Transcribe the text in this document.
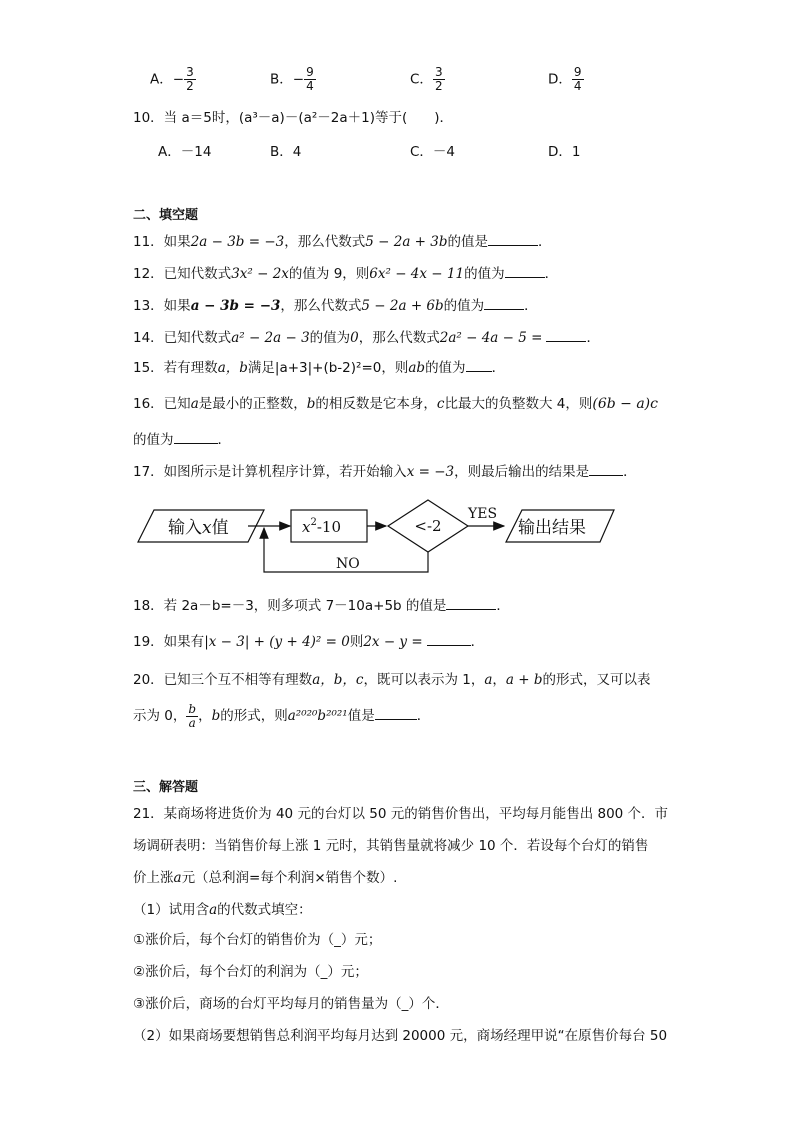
A．− $\frac{3}{2}$	B．− $\frac{9}{4}$	C． $\frac{3}{2}$	D． $\frac{9}{4}$
10．当 a＝5时，(a³－a)－(a²－2a＋1)等于(　　)．
A．－14	B．4	C．－4	D．1
二、填空题
11．如果2a − 3b = −3，那么代数式5 − 2a + 3b的值是	．
12．已知代数式3x² − 2x的值为 9，则6x² − 4x − 11的值为	．
13．如果a − 3b = −3，那么代数式5 − 2a + 6b的值为	．
14．已知代数式a² − 2a − 3的值为0，那么代数式2a² − 4a − 5 =	．
15．若有理数a，b满足|a+3|+(b-2)²=0，则ab的值为 ．
16．已知a是最小的正整数，b的相反数是它本身，c比最大的负整数大 4，则(6b − a)c
的值为	．
17．如图所示是计算机程序计算，若开始输入x = −3，则最后输出的结果是	．
输入x值	$x^2-10$	<-2
YES
输出结果
NO
18．若 2a－b=－3，则多项式 7－10a+5b 的值是	．
19．如果有|x − 3| + (y + 4)² = 0则2x − y =	．
20．已知三个互不相等有理数a，b，c，既可以表示为 1，a，a + b的形式，又可以表
示为 0， $\frac{b}{a}$ ，b的形式，则a²⁰²⁰b²⁰²¹值是	．
三、解答题
21．某商场将进货价为 40 元的台灯以 50 元的销售价售出，平均每月能售出 800 个．市
场调研表明：当销售价每上涨 1 元时，其销售量就将减少 10 个．若设每个台灯的销售
价上涨a元（总利润=每个利润×销售个数）.
（1）试用含a的代数式填空：
①涨价后，每个台灯的销售价为（_）元；
②涨价后，每个台灯的利润为（_）元；
③涨价后，商场的台灯平均每月的销售量为（_）个．
（2）如果商场要想销售总利润平均每月达到 20000 元，商场经理甲说“在原售价每台 50
